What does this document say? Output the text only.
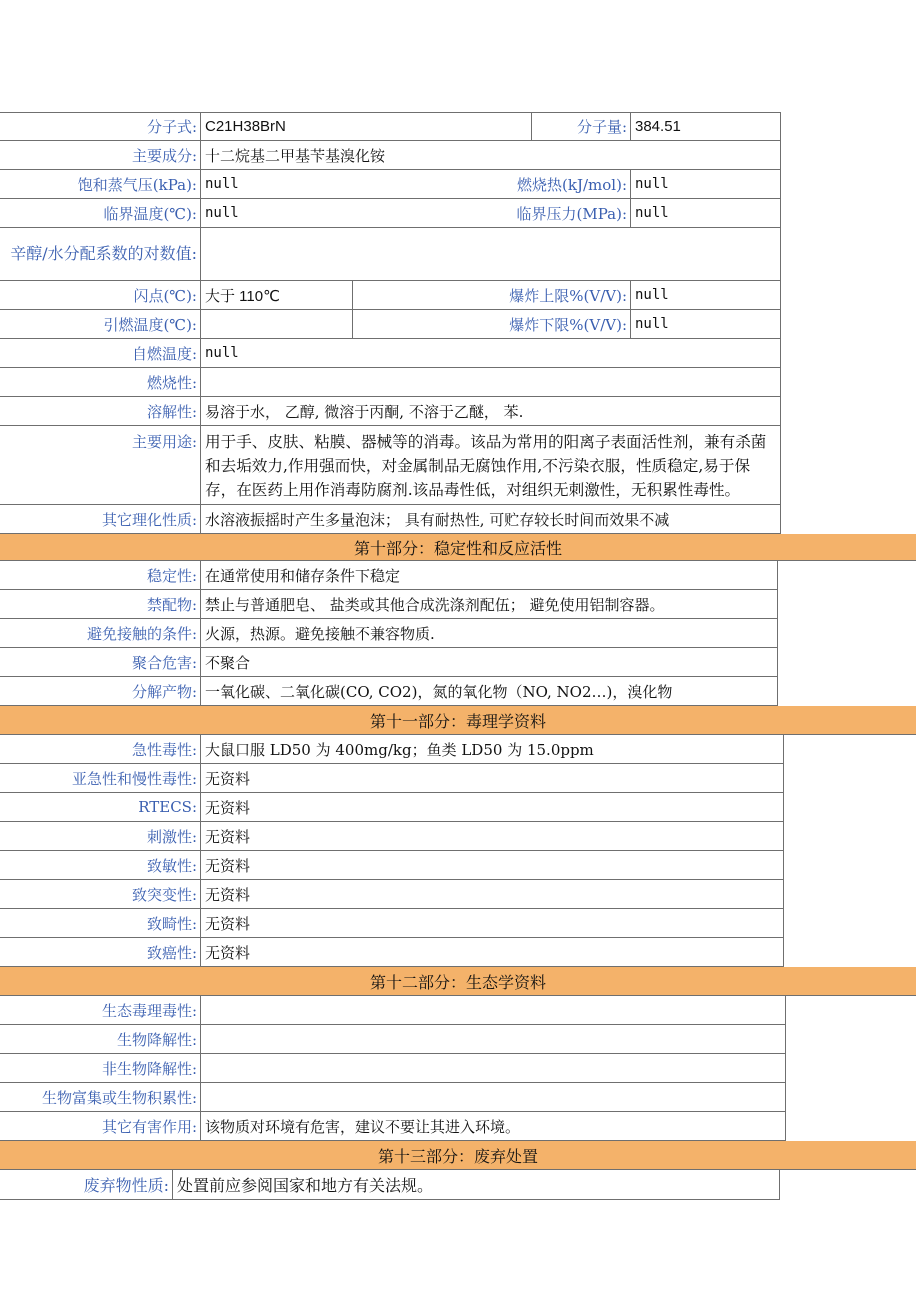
分子式: C21H38BrN	分子量: 384.51
主要成分: 十二烷基二甲基苄基溴化铵
饱和蒸气压(kPa): null	燃烧热(kJ/mol): null
临界温度(℃): null	临界压力(MPa): null
辛醇/水分配系数的对数值:
闪点(℃): 大于 110℃	爆炸上限%(V/V): null
引燃温度(℃):	爆炸下限%(V/V): null
自燃温度: null
燃烧性:
溶解性: 易溶于水， 乙醇, 微溶于丙酮, 不溶于乙醚， 苯.
主要用途: 用于手、皮肤、粘膜、器械等的消毒。该品为常用的阳离子表面活性剂，兼有杀菌和去垢效力,作用强而快，对金属制品无腐蚀作用,不污染衣服，性质稳定,易于保存，在医药上用作消毒防腐剂.该品毒性低，对组织无刺激性，无积累性毒性。
其它理化性质: 水溶液振摇时产生多量泡沫； 具有耐热性, 可贮存较长时间而效果不减
第十部分：稳定性和反应活性
稳定性: 在通常使用和储存条件下稳定
禁配物: 禁止与普通肥皂、 盐类或其他合成洗涤剂配伍； 避免使用铝制容器。
避免接触的条件: 火源，热源。避免接触不兼容物质.
聚合危害: 不聚合
分解产物: 一氧化碳、二氧化碳(CO, CO2)，氮的氧化物（NO, NO2…)，溴化物
第十一部分：毒理学资料
急性毒性: 大鼠口服 LD50 为 400mg/kg；鱼类 LD50 为 15.0ppm
亚急性和慢性毒性: 无资料
RTECS: 无资料
刺激性: 无资料
致敏性: 无资料
致突变性: 无资料
致畸性: 无资料
致癌性: 无资料
第十二部分：生态学资料
生态毒理毒性:
生物降解性:
非生物降解性:
生物富集或生物积累性:
其它有害作用: 该物质对环境有危害，建议不要让其进入环境。
第十三部分：废弃处置
废弃物性质: 处置前应参阅国家和地方有关法规。
